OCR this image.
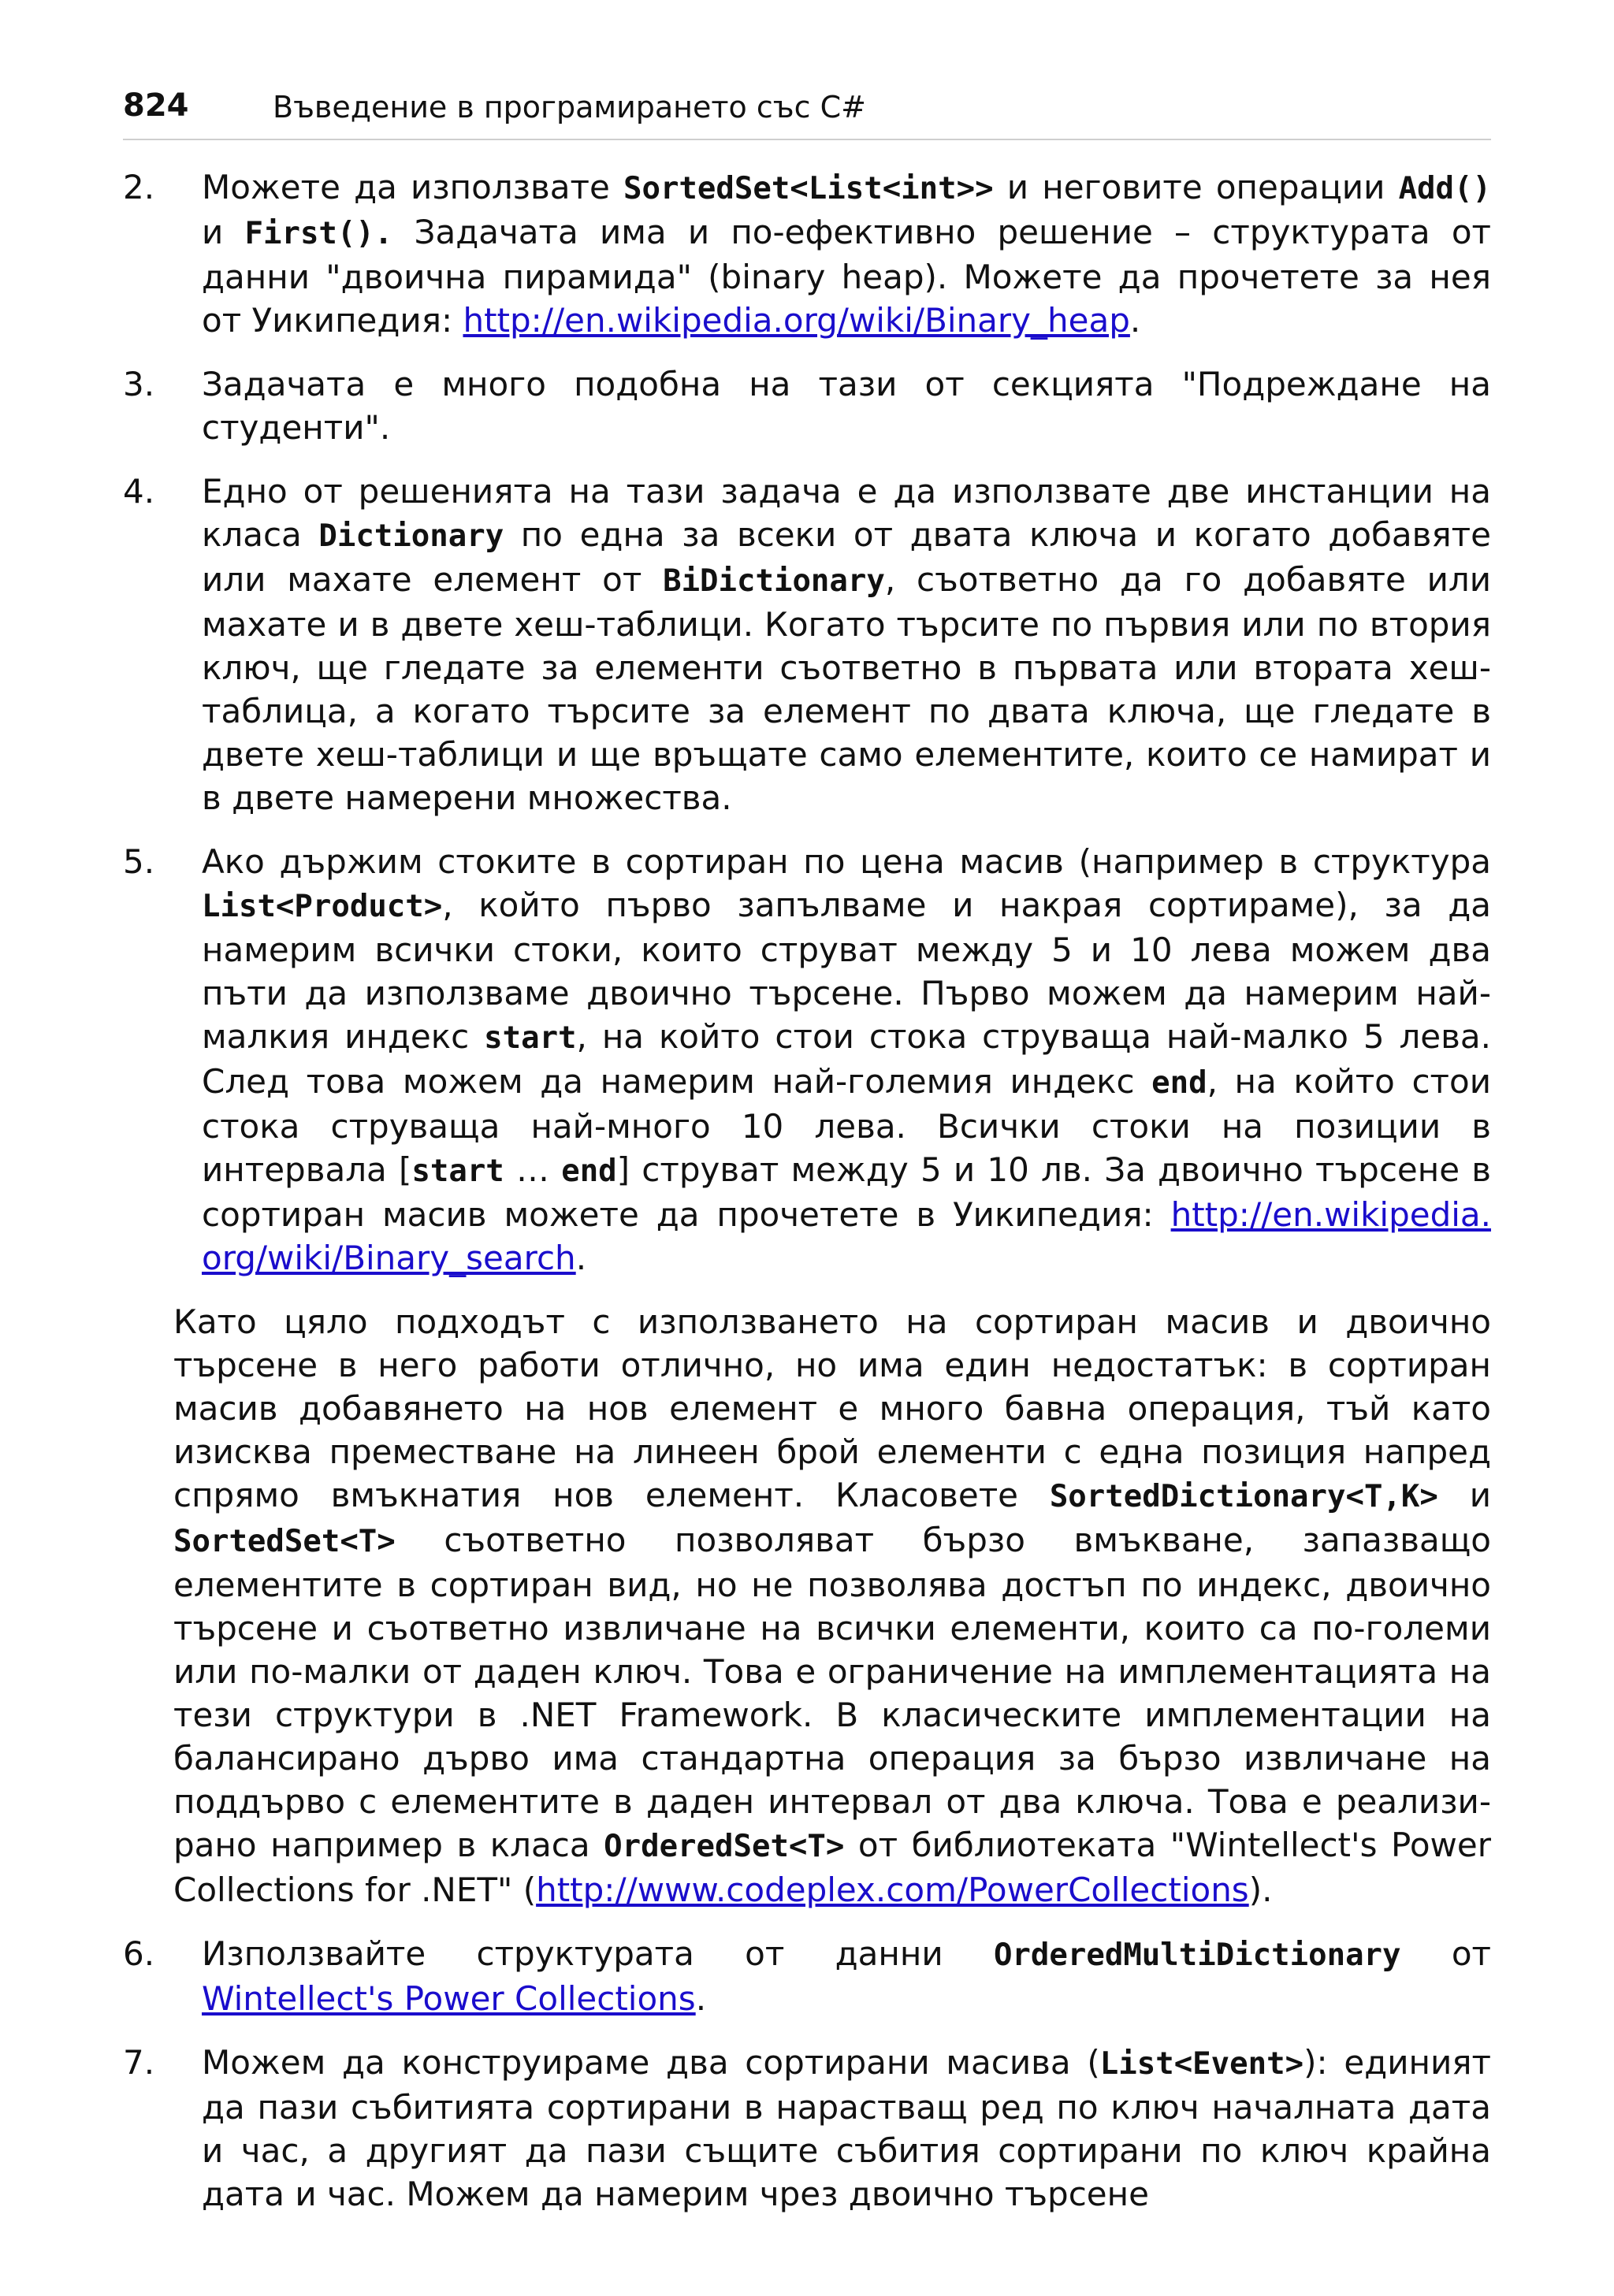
824	Въведение в програмирането със C#
2. Можете да използвате SortedSet<List<int>> и неговите операции Add() и First(). Задачата има и по-ефективно решение – структурата от данни "двоична пирамида" (binary heap). Можете да прочетете за нея от Уикипедия: http://en.wikipedia.org/wiki/Binary_heap.
3. Задачата е много подобна на тази от секцията "Подреждане на студенти".
4. Едно от решенията на тази задача е да използвате две инстанции на класа Dictionary по една за всеки от двата ключа и когато добавяте или махате елемент от BiDictionary, съответно да го добавяте или махате и в двете хеш-таблици. Когато търсите по първия или по втория ключ, ще гледате за елементи съответно в първата или втората хеш-таблица, а когато търсите за елемент по двата ключа, ще гледате в двете хеш-таблици и ще връщате само елементите, които се намират и в двете намерени множества.
5. Ако държим стоките в сортиран по цена масив (например в структура List<Product>, който първо запълваме и накрая сортираме), за да намерим всички стоки, които струват между 5 и 10 лева можем два пъти да използваме двоично търсене. Първо можем да намерим най-малкия индекс start, на който стои стока струваща най-малко 5 лева. След това можем да намерим най-големия индекс end, на който стои стока струваща най-много 10 лева. Всички стоки на позиции в интервала [start … end] струват между 5 и 10 лв. За двоично търсене в сортиран масив можете да прочетете в Уикипедия: http://en.wikipedia. org/wiki/Binary_search.
Като цяло подходът с използването на сортиран масив и двоично търсене в него работи отлично, но има един недостатък: в сортиран масив добавянето на нов елемент е много бавна операция, тъй като изисква преместване на линеен брой елементи с една позиция напред спрямо вмъкнатия нов елемент. Класовете SortedDictionary<T,K> и SortedSet<T> съответно позволяват бързо вмъкване, запазващо елементите в сортиран вид, но не позволява достъп по индекс, двоично търсене и съответно извличане на всички елементи, които са по-големи или по-малки от даден ключ. Това е ограничение на имплементацията на тези структури в .NET Framework. В класическите имплементации на балансирано дърво има стандартна операция за бързо извличане на поддърво с елементите в даден интервал от два ключа. Това е реализи-рано например в класа OrderedSet<T> от библиотеката "Wintellect's Power Collections for .NET" (http://www.codeplex.com/PowerCollections).
6. Използвайте структурата от данни OrderedMultiDictionary от Wintellect's Power Collections.
7. Можем да конструираме два сортирани масива (List<Event>): единият да пази събитията сортирани в нарастващ ред по ключ началната дата и час, а другият да пази същите събития сортирани по ключ крайна дата и час. Можем да намерим чрез двоично търсене
